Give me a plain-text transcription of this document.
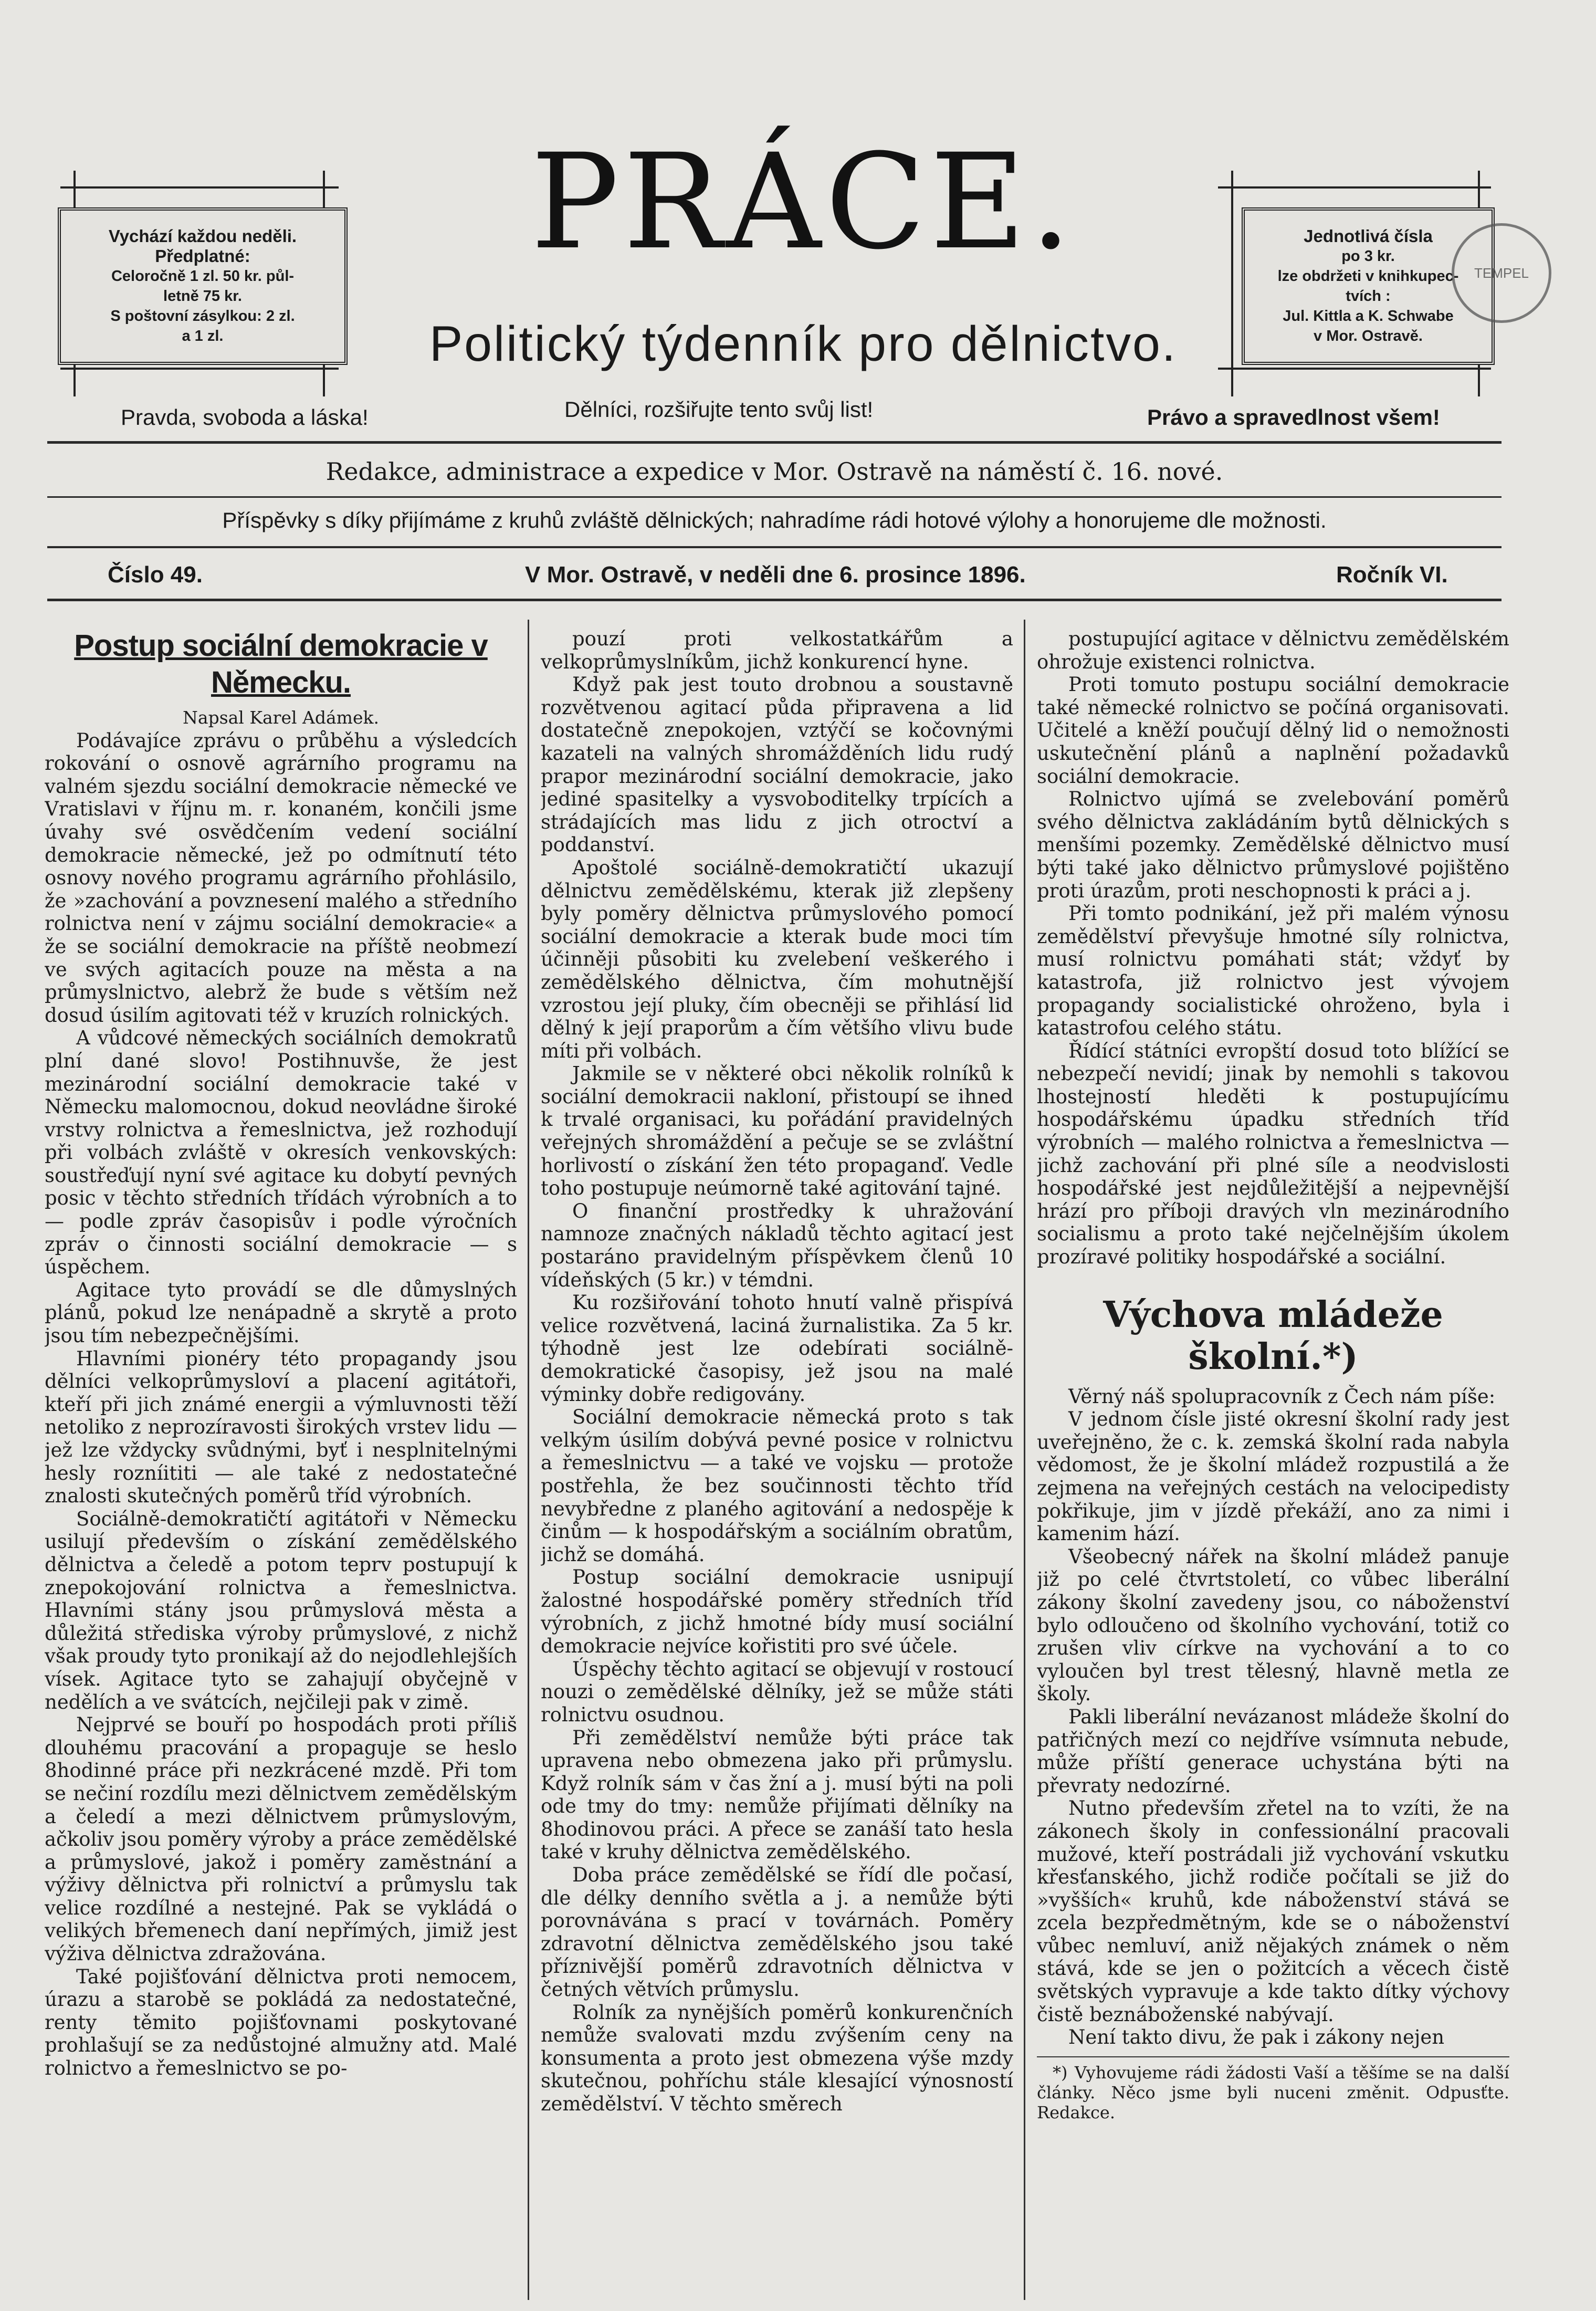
Vychází každou neděli.
Předplatné:
Celoročně 1 zl. 50 kr. půl-
letně 75 kr.
S poštovní zásylkou: 2 zl.
a 1 zl.
PRÁCE.
Politický týdenník pro dělnictvo.
Jednotlivá čísla
po 3 kr.
lze obdržeti v knihkupec-
tvích :
Jul. Kittla a K. Schwabe
v Mor. Ostravě.
TEMPEL
Pravda, svoboda a láska!	Dělníci, rozšiřujte tento svůj list!	Právo a spravedlnost všem!
Redakce, administrace a expedice v Mor. Ostravě na náměstí č. 16. nové.
Příspěvky s díky přijímáme z kruhů zvláště dělnických; nahradíme rádi hotové výlohy a honorujeme dle možnosti.
Číslo 49.	V Mor. Ostravě, v neděli dne 6. prosince 1896.	Ročník VI.
Postup sociální demokracie v Německu.

Napsal Karel Adámek.

Podávajíce zprávu o průběhu a výsledcích rokování o osnově agrárního programu na valném sjezdu sociální demokracie německé ve Vratislavi v říjnu m. r. konaném, končili jsme úvahy své osvědčením vedení sociální demokracie německé, jež po odmítnutí této osnovy nového programu agrárního přohlásilo, že »zachování a povznesení malého a středního rolnictva není v zájmu sociální demokracie« a že se sociální demokracie na příště neobmezí ve svých agitacích pouze na města a na průmyslnictvo, alebrž že bude s větším než dosud úsilím agitovati též v kruzích rolnických.

A vůdcové německých sociálních demokratů plní dané slovo! Postihnuvše, že jest mezinárodní sociální demokracie také v Německu malomocnou, dokud neovládne široké vrstvy rolnictva a řemeslnictva, jež rozhodují při volbách zvláště v okresích venkovských: soustřeďují nyní své agitace ku dobytí pevných posic v těchto středních třídách výrobních a to — podle zpráv časopisův i podle výročních zpráv o činnosti sociální demokracie — s úspěchem.

Agitace tyto provádí se dle důmyslných plánů, pokud lze nenápadně a skrytě a proto jsou tím nebezpečnějšími.

Hlavními pionéry této propagandy jsou dělníci velkoprůmysloví a placení agitátoři, kteří při jich známé energii a výmluvnosti těží netoliko z neprozíravosti širokých vrstev lidu — jež lze vždycky svůdnými, byť i nesplnitelnými hesly rozníititi — ale také z nedostatečné znalosti skutečných poměrů tříd výrobních.

Sociálně-demokratičtí agitátoři v Německu usilují především o získání zemědělského dělnictva a čeledě a potom teprv postupují k znepokojování rolnictva a řemeslnictva. Hlavními stány jsou průmyslová města a důležitá střediska výroby průmyslové, z nichž však proudy tyto pronikají až do nejodlehlejších vísek. Agitace tyto se zahajují obyčejně v nedělích a ve svátcích, nejčileji pak v zimě.

Nejprvé se bouří po hospodách proti příliš dlouhému pracování a propaguje se heslo 8hodinné práce při nezkrácené mzdě. Při tom se nečiní rozdílu mezi dělnictvem zemědělským a čeledí a mezi dělnictvem průmyslovým, ačkoliv jsou poměry výroby a práce zemědělské a průmyslové, jakož i poměry zaměstnání a výživy dělnictva při rolnictví a průmyslu tak velice rozdílné a nestejné. Pak se vykládá o velikých břemenech daní nepřímých, jimiž jest výživa dělnictva zdražována.

Také pojišťování dělnictva proti nemocem, úrazu a starobě se pokládá za nedostatečné, renty těmito pojišťovnami poskytované prohlašují se za nedůstojné almužny atd. Malé rolnictvo a řemeslnictvo se po-

pouzí proti velkostatkářům a velkoprůmyslníkům, jichž konkurencí hyne.

Když pak jest touto drobnou a soustavně rozvětvenou agitací půda připravena a lid dostatečně znepokojen, vztýčí se kočovnými kazateli na valných shromážděních lidu rudý prapor mezinárodní sociální demokracie, jako jediné spasitelky a vysvoboditelky trpících a strádajících mas lidu z jich otroctví a poddanství.

Apoštolé sociálně-demokratičtí ukazují dělnictvu zemědělskému, kterak již zlepšeny byly poměry dělnictva průmyslového pomocí sociální demokracie a kterak bude moci tím účinněji působiti ku zvelebení veškerého i zemědělského dělnictva, čím mohutnější vzrostou její pluky, čím obecněji se přihlásí lid dělný k její praporům a čím většího vlivu bude míti při volbách.

Jakmile se v některé obci několik rolníků k sociální demokracii nakloní, přistoupí se ihned k trvalé organisaci, ku pořádání pravidelných veřejných shromáždění a pečuje se se zvláštní horlivostí o získání žen této propaganď. Vedle toho postupuje neúmorně také agitování tajné.

O finanční prostředky k uhražování namnoze značných nákladů těchto agitací jest postaráno pravidelným příspěvkem členů 10 vídeňských (5 kr.) v témdni.

Ku rozšiřování tohoto hnutí valně přispívá velice rozvětvená, laciná žurnalistika. Za 5 kr. týhodně jest lze odebírati sociálně-demokratické časopisy, jež jsou na malé výminky dobře redigovány.

Sociální demokracie německá proto s tak velkým úsilím dobývá pevné posice v rolnictvu a řemeslnictvu — a také ve vojsku — protože postřehla, že bez součinnosti těchto tříd nevybředne z planého agitování a nedospěje k činům — k hospodářským a sociálním obratům, jichž se domáhá.

Postup sociální demokracie usnipují žalostné hospodářské poměry středních tříd výrobních, z jichž hmotné bídy musí sociální demokracie nejvíce kořistiti pro své účele.

Úspěchy těchto agitací se objevují v rostoucí nouzi o zemědělské dělníky, jež se může státi rolnictvu osudnou.

Při zemědělství nemůže býti práce tak upravena nebo obmezena jako při průmyslu. Když rolník sám v čas žní a j. musí býti na poli ode tmy do tmy: nemůže přijímati dělníky na 8hodinovou práci. A přece se zanáší tato hesla také v kruhy dělnictva zemědělského.

Doba práce zemědělské se řídí dle počasí, dle délky denního světla a j. a nemůže býti porovnávána s prací v továrnách. Poměry zdravotní dělnictva zemědělského jsou také příznivější poměrů zdravotních dělnictva v četných větvích průmyslu.

Rolník za nynějších poměrů konkurenčních nemůže svalovati mzdu zvýšením ceny na konsumenta a proto jest obmezena výše mzdy skutečnou, pohříchu stále klesající výnosností zemědělství. V těchto směrech

postupující agitace v dělnictvu zemědělském ohrožuje existenci rolnictva.

Proti tomuto postupu sociální demokracie také německé rolnictvo se počíná organisovati. Učitelé a kněží poučují dělný lid o nemožnosti uskutečnění plánů a naplnění požadavků sociální demokracie.

Rolnictvo ujímá se zvelebování poměrů svého dělnictva zakládáním bytů dělnických s menšími pozemky. Zemědělské dělnictvo musí býti také jako dělnictvo průmyslové pojištěno proti úrazům, proti neschopnosti k práci a j.

Při tomto podnikání, jež při malém výnosu zemědělství převyšuje hmotné síly rolnictva, musí rolnictvu pomáhati stát; vždyť by katastrofa, již rolnictvo jest vývojem propagandy socialistické ohroženo, byla i katastrofou celého státu.

Řídící státníci evropští dosud toto blížící se nebezpečí nevidí; jinak by nemohli s takovou lhostejností hleděti k postupujícímu hospodářskému úpadku středních tříd výrobních — malého rolnictva a řemeslnictva — jichž zachování při plné síle a neodvislosti hospodářské jest nejdůležitější a nejpevnější hrází pro příboji dravých vln mezinárodního socialismu a proto také nejčelnějším úkolem prozíravé politiky hospodářské a sociální.

Výchova mládeže školní.*)

Věrný náš spolupracovník z Čech nám píše:

V jednom čísle jisté okresní školní rady jest uveřejněno, že c. k. zemská školní rada nabyla vědomost, že je školní mládež rozpustilá a že zejmena na veřejných cestách na velocipedisty pokřikuje, jim v jízdě překáží, ano za nimi i kamenim hází.

Všeobecný nářek na školní mládež panuje již po celé čtvrtstoletí, co vůbec liberální zákony školní zavedeny jsou, co náboženství bylo odloučeno od školního vychování, totiž co zrušen vliv církve na vychování a to co vyloučen byl trest tělesný, hlavně metla ze školy.

Pakli liberální nevázanost mládeže školní do patřičných mezí co nejdříve vsímnuta nebude, může příští generace uchystána býti na převraty nedozírné.

Nutno především zřetel na to vzíti, že na zákonech školy in confessionální pracovali mužové, kteří postrádali již vychování vskutku křesťanského, jichž rodiče počítali se již do »vyšších« kruhů, kde náboženství stává se zcela bezpředmětným, kde se o náboženství vůbec nemluví, aniž nějakých známek o něm stává, kde se jen o požitcích a věcech čistě světských vypravuje a kde takto dítky výchovy čistě beznáboženské nabývají.

Není takto divu, že pak i zákony nejen

*) Vyhovujeme rádi žádosti Vaší a těšíme se na další články. Něco jsme byli nuceni změnit. Odpusťte. Redakce.
